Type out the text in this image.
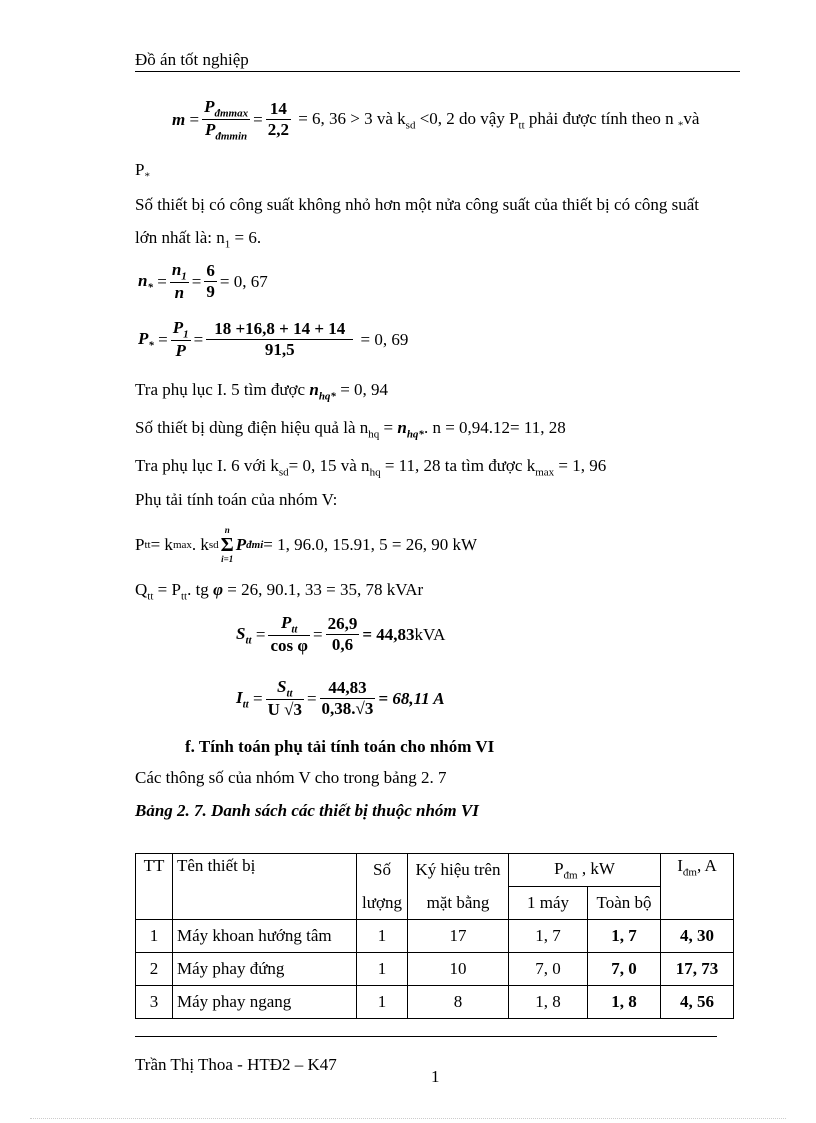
Đồ án tốt nghiệp
$m = \frac{P_{đmmax}}{P_{đmmin}} = \frac{14}{2,2} = 6$, 36 > 3 và $k_{sd} <0$, 2 do vậy $P_{tt}$ phải được tính theo n $_*$và
$P_*$
Số thiết bị có công suất không nhỏ hơn một nửa công suất của thiết bị có công suất
lớn nhất là: $n_1 = 6$.
$n_* = \frac{n_1}{n} = \frac{6}{9} = 0$, 67
$P_* = \frac{P_1}{P} = \frac{18 +16,8 + 14 + 14}{91,5}$
= 0, 69
Tra phụ lục I. 5 tìm được $n_{hq*} = 0$, 94
Số thiết bị dùng điện hiệu quả là $n_{hq} = n_{hq*}$. n = 0,94.12= 11, 28
Tra phụ lục I. 6 với $k_{sd}= 0$, 15 và $n_{hq} = 11$, 28 ta tìm được $k_{max} = 1$, 96
Phụ tải tính toán của nhóm V:
P tt = k max . k sd
n
Σ
i=1
P đmi = 1, 96.0, 15.91, 5 = 26, 90 kW
$Q_{tt} = P_{tt}$. tg φ = 26, 90.1, 33 = 35, 78 kVAr
$S_{tt} = \frac{P_{tt}}{\text{cos φ}} = \frac{26,9}{0,6} = 44,83$ kVA
$I_{tt} = \frac{S_{tt}}{U √3} = \frac{44,83}{0,38.√3} = 68,11$ A
f. Tính toán phụ tải tính toán cho nhóm VI
Các thông số của nhóm V cho trong bảng 2. 7
Bảng 2. 7. Danh sách các thiết bị thuộc nhóm VI
TT	Tên thiết bị	Số	Ký hiệu trên	$P_{đm}$ , kW		$I_{đm}$, A
		lượng	mặt bằng	1 máy	Toàn bộ	
1	Máy khoan hướng tâm	1	17	1, 7	1, 7	4, 30
2	Máy phay đứng	1	10	7, 0	7, 0	17, 73
3	Máy phay ngang	1	8	1, 8	1, 8	4, 56
Trần Thị Thoa - HTĐ2 – K47
1
